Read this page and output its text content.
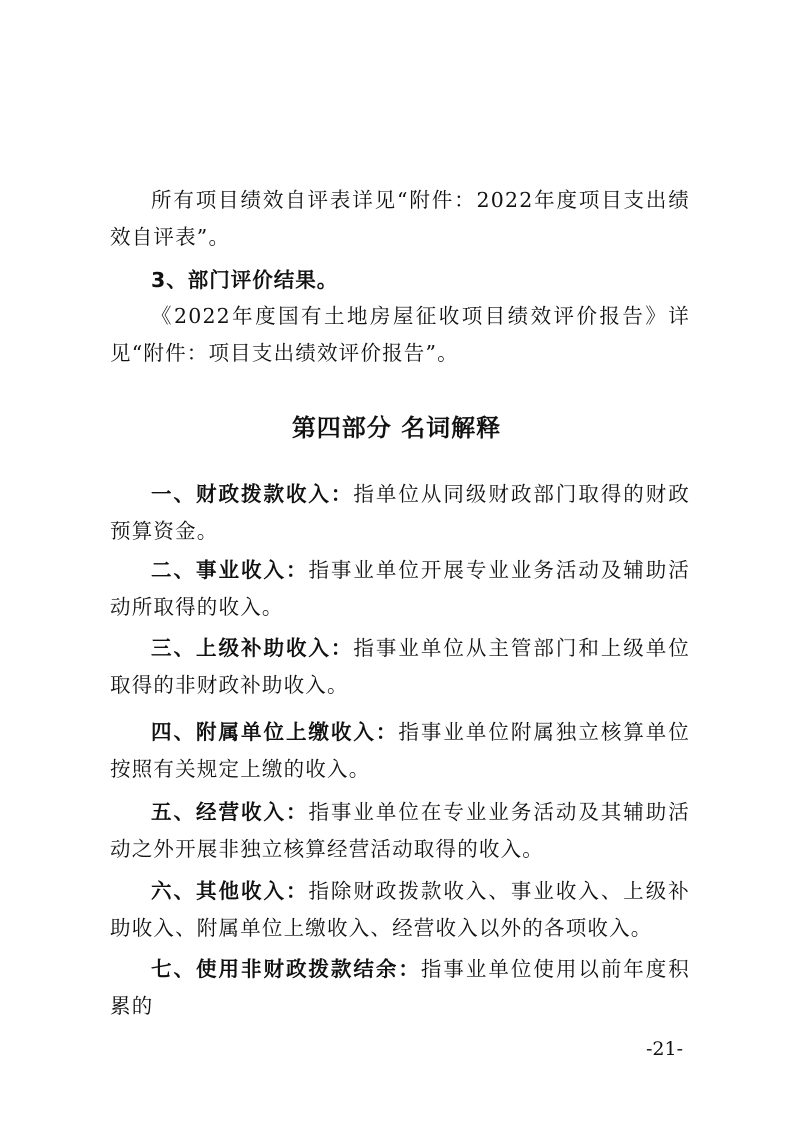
所有项目绩效自评表详见“附件：2022年度项目支出绩效自评表”。

3、部门评价结果。

《2022年度国有土地房屋征收项目绩效评价报告》详见“附件：项目支出绩效评价报告”。

第四部分 名词解释

一、财政拨款收入：指单位从同级财政部门取得的财政预算资金。

二、事业收入：指事业单位开展专业业务活动及辅助活动所取得的收入。

三、上级补助收入：指事业单位从主管部门和上级单位取得的非财政补助收入。

四、附属单位上缴收入：指事业单位附属独立核算单位按照有关规定上缴的收入。

五、经营收入：指事业单位在专业业务活动及其辅助活动之外开展非独立核算经营活动取得的收入。

六、其他收入：指除财政拨款收入、事业收入、上级补助收入、附属单位上缴收入、经营收入以外的各项收入。

七、使用非财政拨款结余：指事业单位使用以前年度积累的

-21-
